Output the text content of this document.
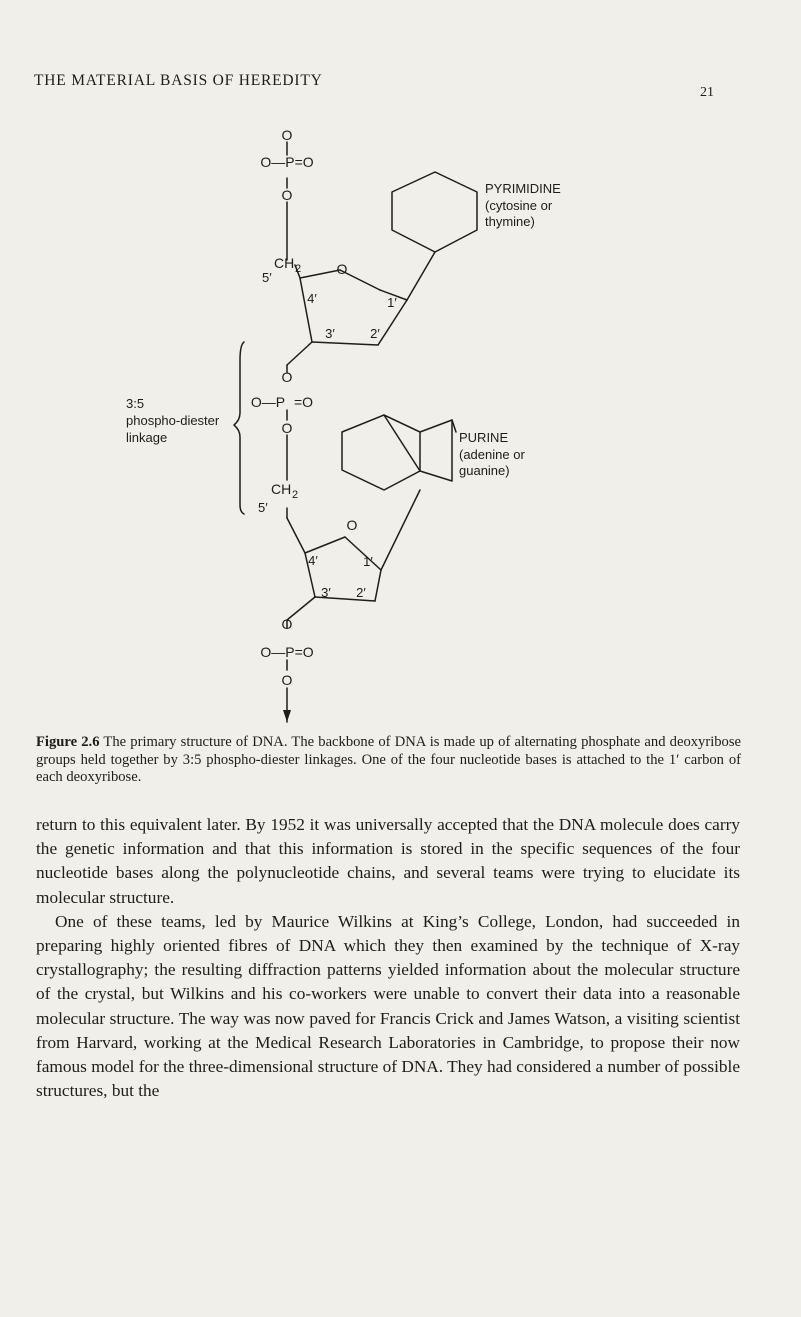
THE MATERIAL BASIS OF HEREDITY
21
O
O—P=O
O
CH 2
5′
O
4′	1′
3′	2′
PYRIMIDINE
(cytosine or
thymine)
O
O—P =O
O
3:5
phospho-diester
linkage	PURINE
(adenine or
guanine)
CH 2
5′
O
4′	1′
3′ 2′
O
O—P=O
O
Figure 2.6 The primary structure of DNA. The backbone of DNA is made up of alternating phosphate and deoxyribose groups held together by 3:5 phospho-diester linkages. One of the four nucleotide bases is attached to the 1′ carbon of each deoxyribose.

return to this equivalent later. By 1952 it was universally accepted that the DNA molecule does carry the genetic information and that this information is stored in the specific sequences of the four nucleotide bases along the polynucleotide chains, and several teams were trying to elucidate its molecular structure.

One of these teams, led by Maurice Wilkins at King’s College, London, had succeeded in preparing highly oriented fibres of DNA which they then examined by the technique of X-ray crystallography; the resulting diffraction patterns yielded information about the molecular structure of the crystal, but Wilkins and his co-workers were unable to convert their data into a reasonable molecular structure. The way was now paved for Francis Crick and James Watson, a visiting scientist from Harvard, working at the Medical Research Laboratories in Cambridge, to propose their now famous model for the three-dimensional structure of DNA. They had considered a number of possible structures, but the
